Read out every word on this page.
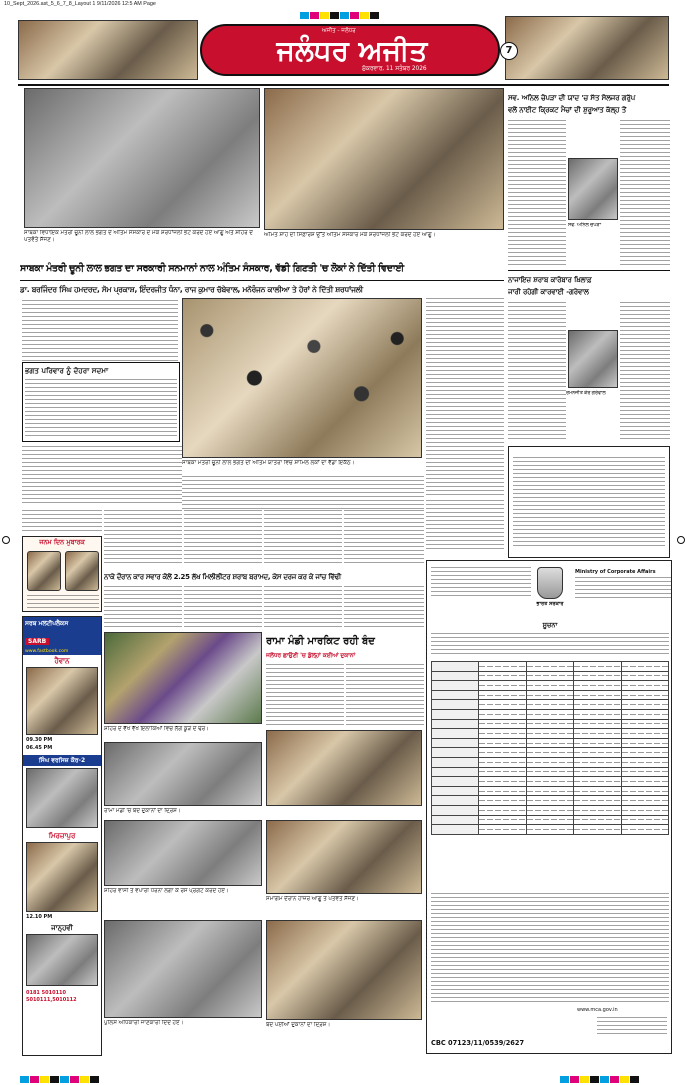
10_Sept_2026.ast_5_6_7_8_Layout 1 9/11/2026 12:5 AM Page
ਅਜੀਤ - ਜਲੰਧਰ
ਜਲੰਧਰ ਅਜੀਤ
ਸ਼ੁੱਕਰਵਾਰ, 11 ਸਤੰਬਰ 2026
7
ਸਾਬਕਾ ਵਿਧਾਇਕ ਮੰਤਰੀ ਚੂਨੀ ਲਾਲ ਭਗਤ ਦੇ ਅੰਤਿਮ ਸੰਸਕਾਰ ਦੇ ਮੌਕੇ ਸ਼ਰਧਾਂਜਲੀ ਭੇਟ ਕਰਦੇ ਹੋਏ ਆਗੂ ਅਤੇ ਸ਼ਹਿਰ ਦੇ ਪਤਵੰਤੇ ਸੱਜਣ।
ਅਮਿਤ ਸ਼ਾਹ ਦੀ ਸਿਫ਼ਾਰਸ਼ ਉੱਤੇ ਅੰਤਿਮ ਸੰਸਕਾਰ ਮੌਕੇ ਸ਼ਰਧਾਂਜਲੀ ਭੇਟ ਕਰਦੇ ਹੋਏ ਆਗੂ।
ਸਾਬਕਾ ਮੰਤਰੀ ਚੂਨੀ ਲਾਲ ਭਗਤ ਦਾ ਸਰਕਾਰੀ ਸਨਮਾਨਾਂ ਨਾਲ ਅੰਤਿਮ ਸੰਸਕਾਰ, ਵੱਡੀ ਗਿਣਤੀ 'ਚ ਲੋਕਾਂ ਨੇ ਦਿੱਤੀ ਵਿਦਾਈ
ਡਾ. ਬਰਜਿੰਦਰ ਸਿੰਘ ਹਮਦਰਦ, ਸੋਮ ਪ੍ਰਕਾਸ਼, ਇੰਦਰਜੀਤ ਧੰਨਾ, ਰਾਜ ਕੁਮਾਰ ਚੱਬੇਵਾਲ, ਮਨੋਰੰਜਨ ਕਾਲੀਆ ਤੇ ਹੋਰਾਂ ਨੇ ਦਿੱਤੀ ਸ਼ਰਧਾਂਜਲੀ
ਭਗਤ ਪਰਿਵਾਰ ਨੂੰ ਦੋਹਰਾ ਸਦਮਾ
ਸਾਬਕਾ ਮੰਤਰੀ ਚੂਨੀ ਲਾਲ ਭਗਤ ਦੀ ਅੰਤਿਮ ਯਾਤਰਾ ਵਿਚ ਸ਼ਾਮਿਲ ਲੋਕਾਂ ਦਾ ਵੱਡਾ ਇਕੱਠ।
ਸਵ. ਅਨਿਲ ਚੋਪੜਾ ਦੀ ਯਾਦ 'ਚ ਸੱਤ ਸੋਲਜਰ ਗਰੁੱਪ
ਵਲੋਂ ਨਾਈਟ ਕ੍ਰਿਕਟ ਮੈਚਾਂ ਦੀ ਸ਼ੁਰੂਆਤ ਕੱਲ੍ਹ ਤੋਂ
ਸਵ. ਅਨਿਲ ਚੋਪੜਾ
ਨਾਜਾਇਜ਼ ਸ਼ਰਾਬ ਕਾਰੋਬਾਰ ਖ਼ਿਲਾਫ਼
ਜਾਰੀ ਰਹੇਗੀ ਕਾਰਵਾਈ -ਗਰੇਵਾਲ
ਰਮਨਜੀਤ ਕੌਰ ਗਰੇਵਾਲ
ਜਨਮ ਦਿਨ ਮੁਬਾਰਕ
ਸਰਬ ਮਲਟੀਪਲੈਕਸ
SARB
www.fastbook.com
ਹੈਵਾਨ
09.30 PM
06.45 PM
ਸਿੰਘ ਵਰਸਿਜ਼ ਕੌਰ-2
ਮਿਰਜ਼ਾਪੁਰ
12.10 PM
ਜਾਨ੍ਹਵੀ
0181 5010110 5010111,5010112
ਨਾਕੇ ਦੌਰਾਨ ਕਾਰ ਸਵਾਰ ਕੋਲੋਂ 2.25 ਲੱਖ ਮਿਲੀਲੀਟਰ ਸ਼ਰਾਬ ਬਰਾਮਦ, ਕੇਸ ਦਰਜ ਕਰ ਕੇ ਜਾਂਚ ਵਿੱਢੀ
ਸ਼ਹਿਰ ਦੇ ਵੱਖ ਵੱਖ ਇਲਾਕਿਆਂ ਵਿਚ ਲੱਗੇ ਕੂੜੇ ਦੇ ਢੇਰ।
ਰਾਮਾ ਮੰਡੀ ਮਾਰਕਿਟ ਰਹੀ ਬੰਦ
ਜਲੰਧਰ ਛਾਉਣੀ 'ਚ ਡੁੱਲ੍ਹਾਂ ਕਈਆਂ ਦੁਕਾਨਾਂ
ਰਾਮਾ ਮੰਡੀ 'ਚ ਬੰਦ ਦੁਕਾਨਾਂ ਦਾ ਦ੍ਰਿਸ਼।
ਸ਼ਹਿਰ ਵਾਸੀ ਤੇ ਵਪਾਰੀ ਧਰਨਾ ਲਗਾ ਕੇ ਰੋਸ ਪ੍ਰਗਟ ਕਰਦੇ ਹੋਏ।
ਸਮਾਗਮ ਦੌਰਾਨ ਹਾਜ਼ਰ ਆਗੂ ਤੇ ਪਤਵੰਤੇ ਸੱਜਣ।
ਪੁਲਿਸ ਅਧਿਕਾਰੀ ਜਾਣਕਾਰੀ ਦਿੰਦੇ ਹੋਏ।	ਬੰਦ ਪਈਆਂ ਦੁਕਾਨਾਂ ਦਾ ਦ੍ਰਿਸ਼।
ਭਾਰਤ ਸਰਕਾਰ
Ministry of Corporate Affairs
ਸੂਚਨਾ

www.mca.gov.in
CBC 07123/11/0539/2627
